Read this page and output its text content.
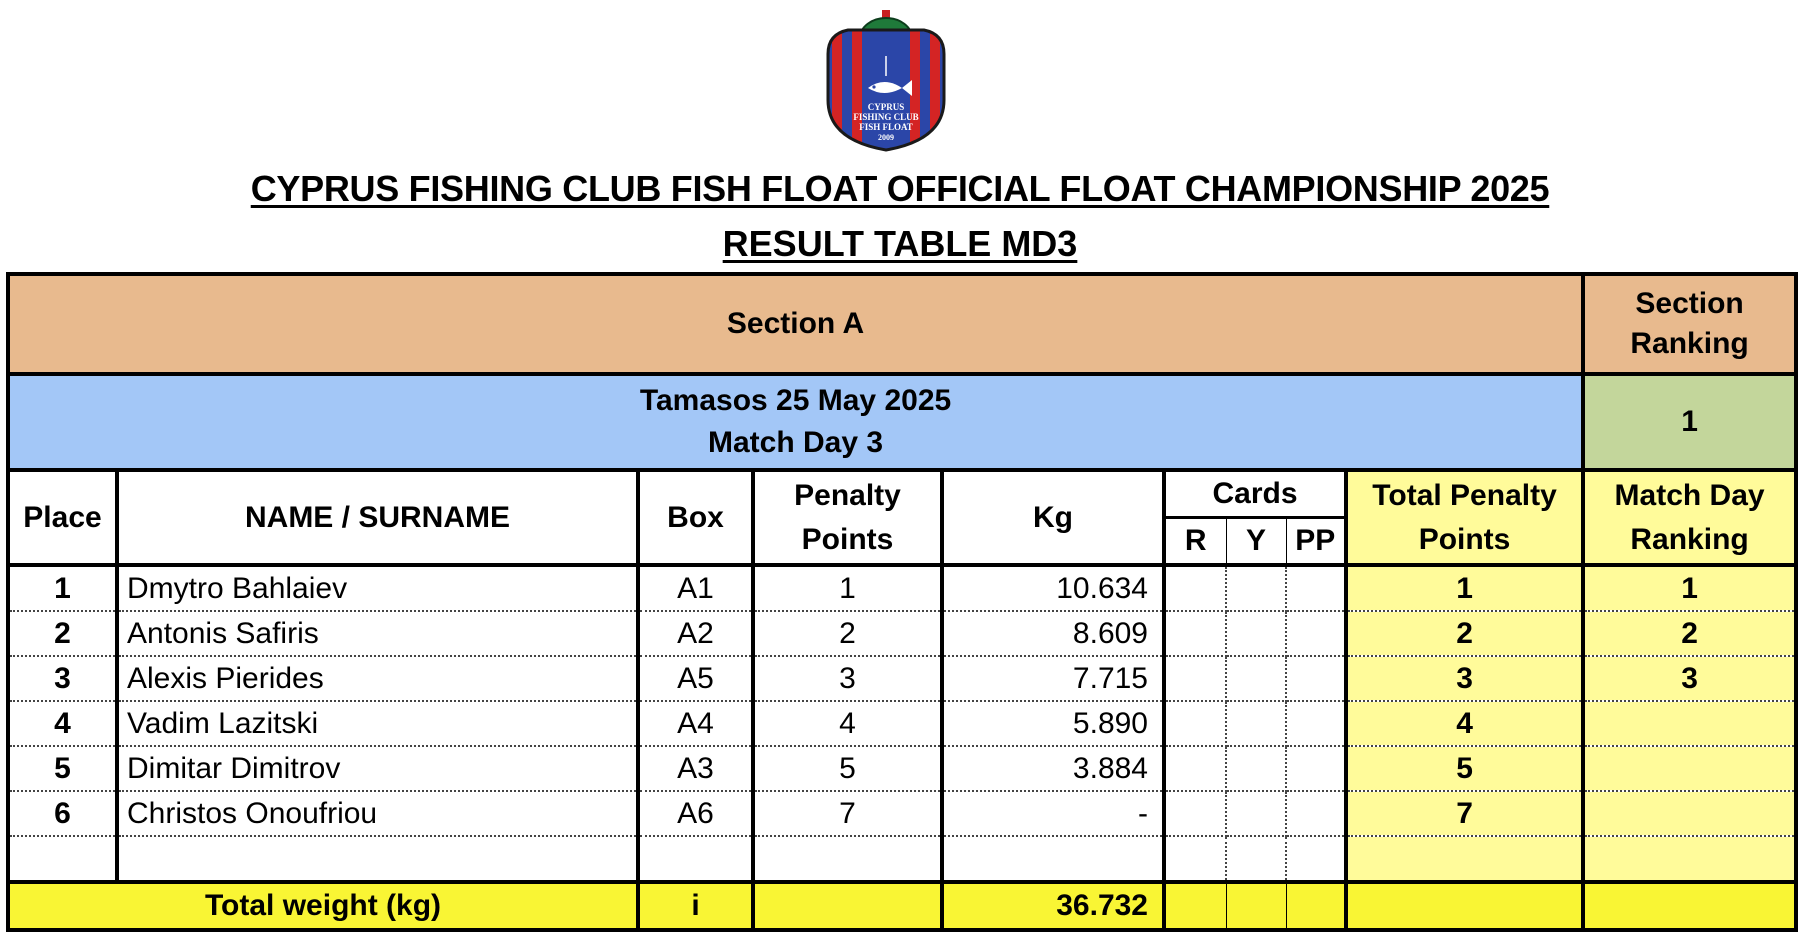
CYPRUS
FISHING CLUB
FISH FLOAT
2009
CYPRUS FISHING CLUB FISH FLOAT OFFICIAL FLOAT CHAMPIONSHIP 2025
RESULT TABLE MD3
Section A									Section Ranking

Tamasos 25 May 2025
Match Day 3									1
Place	NAME / SURNAME	Box	Penalty Points	Kg	Cards			Total Penalty Points	Match Day Ranking
					R	Y	PP		
1	Dmytro Bahlaiev	A1	1	10.634				1	1
2	Antonis Safiris	A2	2	8.609				2	2
3	Alexis Pierides	A5	3	7.715				3	3
4	Vadim Lazitski	A4	4	5.890				4	
5	Dimitar Dimitrov	A3	5	3.884				5	
6	Christos Onoufriou	A6	7	-				7	

Total weight (kg)		i		36.732					
